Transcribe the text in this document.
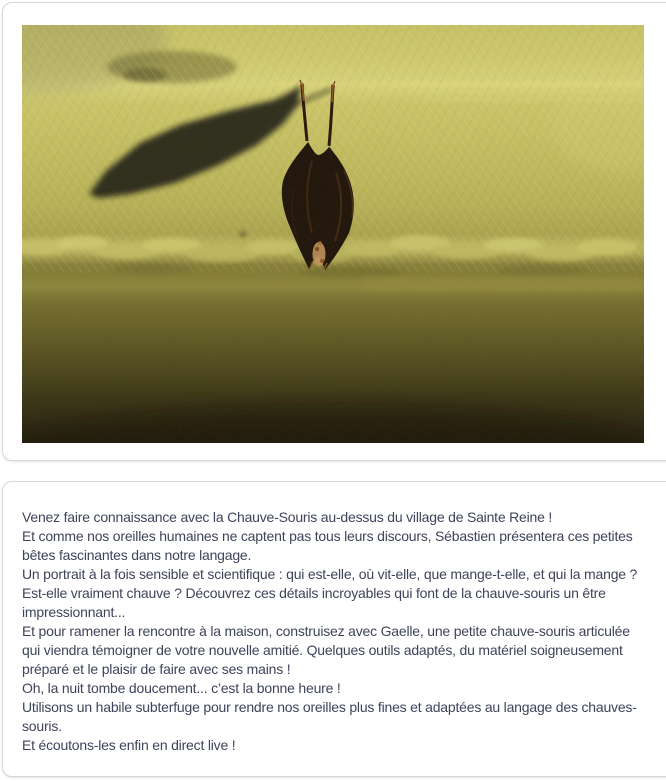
Venez faire connaissance avec la Chauve-Souris au-dessus du village de Sainte Reine !

Et comme nos oreilles humaines ne captent pas tous leurs discours, Sébastien présentera ces petites bêtes fascinantes dans notre langage.

Un portrait à la fois sensible et scientifique : qui est-elle, où vit-elle, que mange-t-elle, et qui la mange ? Est-elle vraiment chauve ? Découvrez ces détails incroyables qui font de la chauve-souris un être impressionnant...

Et pour ramener la rencontre à la maison, construisez avec Gaelle, une petite chauve-souris articulée qui viendra témoigner de votre nouvelle amitié. Quelques outils adaptés, du matériel soigneusement préparé et le plaisir de faire avec ses mains !

Oh, la nuit tombe doucement... c’est la bonne heure !

Utilisons un habile subterfuge pour rendre nos oreilles plus fines et adaptées au langage des chauves-souris.

Et écoutons-les enfin en direct live !
